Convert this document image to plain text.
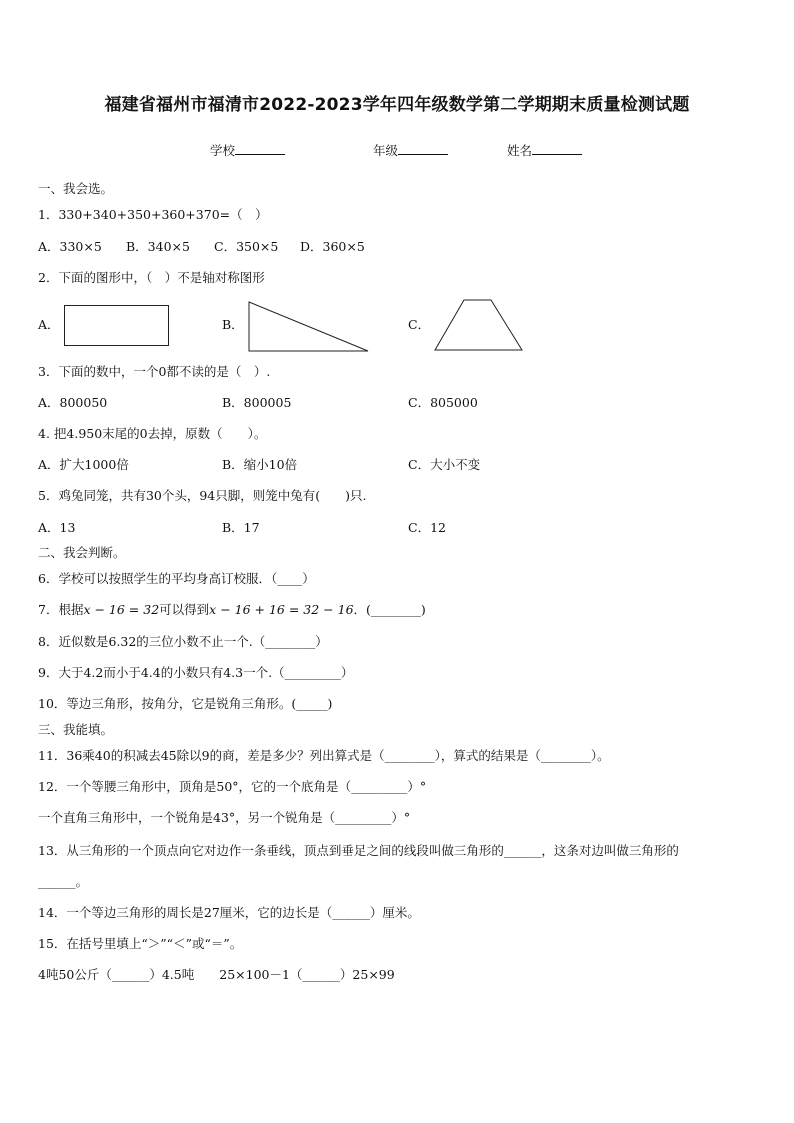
福建省福州市福清市2022-2023学年四年级数学第二学期期末质量检测试题
学校	年级	姓名
一、我会选。
1．330+340+350+360+370=（　）
A．330×5 B．340×5 C．350×5 D．360×5
2．下面的图形中，（　）不是轴对称图形
A．	B．	C．
3．下面的数中，一个0都不读的是（　）.
A．800050	B．800005	C．805000
4. 把4.950末尾的0去掉，原数（　　）。
A．扩大1000倍	B．缩小10倍	C．大小不变
5．鸡兔同笼，共有30个头，94只脚，则笼中兔有(　　)只.
A．13	B．17	C．12
二、我会判断。
6．学校可以按照学生的平均身高订校服．（____）
7．根据x − 16 = 32可以得到x − 16 + 16 = 32 − 16．(________)
8．近似数是6.32的三位小数不止一个.（________）
9．大于4.2而小于4.4的小数只有4.3一个.（_________）
10．等边三角形，按角分，它是锐角三角形。(_____)
三、我能填。
11．36乘40的积减去45除以9的商，差是多少？列出算式是（________），算式的结果是（________）。
12．一个等腰三角形中，顶角是50°，它的一个底角是（_________）°
一个直角三角形中，一个锐角是43°，另一个锐角是（_________）°
13．从三角形的一个顶点向它对边作一条垂线，顶点到垂足之间的线段叫做三角形的______，这条对边叫做三角形的
______。
14．一个等边三角形的周长是27厘米，它的边长是（______）厘米。
15．在括号里填上“＞”“＜”或“＝”。
4吨50公斤（______）4.5吨　　25×100－1（______）25×99
